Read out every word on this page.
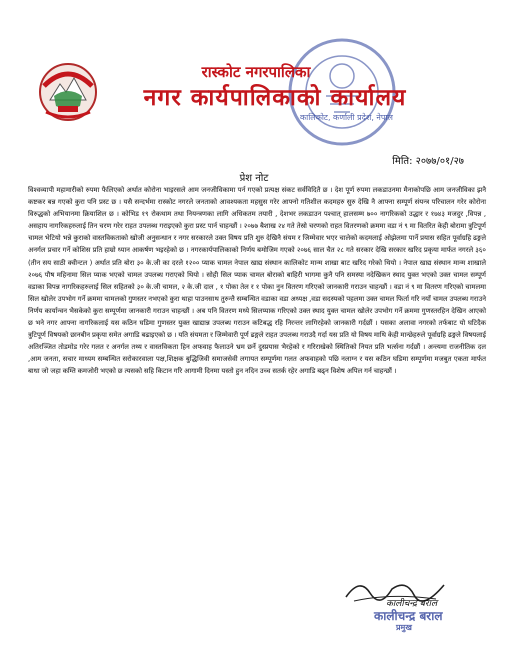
रास्कोट नगरपालिका
नगर कार्यपालिकाको कार्यालय
कालिकोट, कर्णाली प्रदेश, नेपाल
मिति: २०७७/०१/२७
प्रेश नोट
विश्वव्यापी महामारीको रुपमा फैलिएको अर्थात कोरोना भाइरसले आम जनजीविकामा पर्न गएको प्रत्यक्ष संकट सर्वविदितै छ । देश पूर्ण रुपमा लकडाउनमा मैनाकोपछि आम जनजीविका झनै कष्टकर बन्न गएको कुरा पनि प्रस्ट छ । यसै सन्दर्भमा रास्कोट नगरले जनताको आवश्यकता महसुस गरेर आफ्नो गतिशील कदमहरु सुरु देखि नै आफ्ना सम्पूर्ण संयन्त्र परिचालन गरेर कोरोना विरुद्धको अभियानमा क्रियाशिल छ । कोभिड १९ रोकथाम तथा नियन्त्रणका लागि अधिकतम तयारी , देशभर लकडाउन पश्चात् हालसम्म ७०० नागरिकको उद्धार र १७४३ मजदुर ,विपन्न , असहाय नागरिकहरुलाई तिन चरण गरेर राहत उपलब्ध गराइएको कुरा प्रस्ट पार्न चाहन्छौं । २०७७ बैशाख २४ गते तेस्रो चरणको राहत वितरणको क्रममा वडा नं ९ मा वितरित केही बोरामा त्रुटिपूर्ण चामल भेटियो भन्ने कुराको वास्तविकताको खोजी अनुसन्धान र नगर सरकारले उक्त विषय प्रति शुरु देखिनै संयम र जिम्मेवार भएर चालेको कदमलाई ओझेलमा पार्ने प्रयास सहित पूर्वाग्रहि ढङ्गले अनर्गल प्रचार गर्ने कोशिस प्रति हाम्रो ध्यान आकर्षण भइरहेको छ । नगरकार्यपालिकाको निर्णय बमोजिम गएको २०७६ साल चैत २८ गते सरकार देखि सरकार खरिद प्रकृया मार्फत नगरले ३६० (तीन सय साठी क्वीन्टल ) अर्थात प्रति बोरा ३० के.जी का दरले १२०० प्याक चामल नेपाल खाद्य संस्थान कालिकोट मान्म शाखा बाट खरिद गरेको थियो । नेपाल खाद्य संस्थान मान्म शाखाले २०७६ पौष महिनामा सिल प्याक भएको चामल उपलब्ध गराएको थियो । सोही सिल प्याक चामल बोराको बाहिरी भागमा कुनै पनि समस्या नदेखिकन स्थाद युक्त भएको उक्त चामल सम्पूर्ण वडाका विपन्न नागरिकहरुलाई सिल सहितको ३० के.जी चामल, २ के.जी दाल , १ पोका तेल र १ पोका नुन वितरण गरिएको जानकारी गराउन चाहन्छौं । वडा नं ९ मा वितरण गरिएको चामलमा सिल खोलेर उपभोग गर्ने क्रममा चामलको गुणस्तर नभएको कुरा थाहा पाउनसाथ तुरुन्तै सम्बन्धित वडाका वडा अध्यक्ष ,वडा सदस्यको पहलमा उक्त चामल फिर्ता गरि नयाँ चामल उपलब्ध गराउने निर्णय कार्यान्वन भैसकेको कुरा सम्पूर्णमा जानकारी गराउन चाहन्छौं । अब पनि वितरण मध्ये सिलप्याक गरिएको उक्त स्थाद युक्त चामल खोलेर उपभोग गर्ने क्रममा गुणस्तरहिन देखिन आएको छ भने नगर आफ्ना नागरिकलाई यस कठिन घडिमा गुणस्तर युक्त खाद्यान्न उपलब्ध गराउन कटिबद्ध रहि निरन्तर लागिरहेको जानकारी गर्दछौं । यसका अलावा नगरको तर्फबाट यो घटिदैक त्रुटिपूर्ण विषयको छानबीन प्रकृया समेत अगाडि बढाइएको छ । यति संयमता र जिम्मेवारी पूर्ण ढङ्गले राहत उपलब्ध गराउदै गर्दा यस प्रति यो विषय माथि केही मान्छेहरुले पूर्वाग्रहि ढङ्गले विषयलाई अतिरञ्जित तोडमोड गरेर गलत र अनर्गल तथ्य र वास्तविकता हिन अफवाह फैलाउने भ्रम छर्ने दुस्प्रयास भैरहेको र गरिराखेको स्थितिको नियत प्रति भर्त्सना गर्दछौं । अन्त्यमा राजनीतिक दल ,आम जनता, सचार माध्यम सम्बन्धित सरोकारवाला पक्ष,शिक्षक बुद्धिजिवी समाजसेवी लगायत सम्पूर्णमा गलत अफवाहको पछि नलाग्न र यस कठिन घडिमा सम्पूर्णमा मजबुत एकता मार्फत बाधा जो जहा कम्ति कमजोरी भएको छ त्यसको सहि किटान गरि आगामी दिनमा यस्तो हुन नदिन उच्च सतर्क रहेर अगाडि बढ्न विशेष अपिल गर्न चाहन्छौं ।
कालीचन्द्र बराल
कालीचन्द्र बराल
प्रमुख
